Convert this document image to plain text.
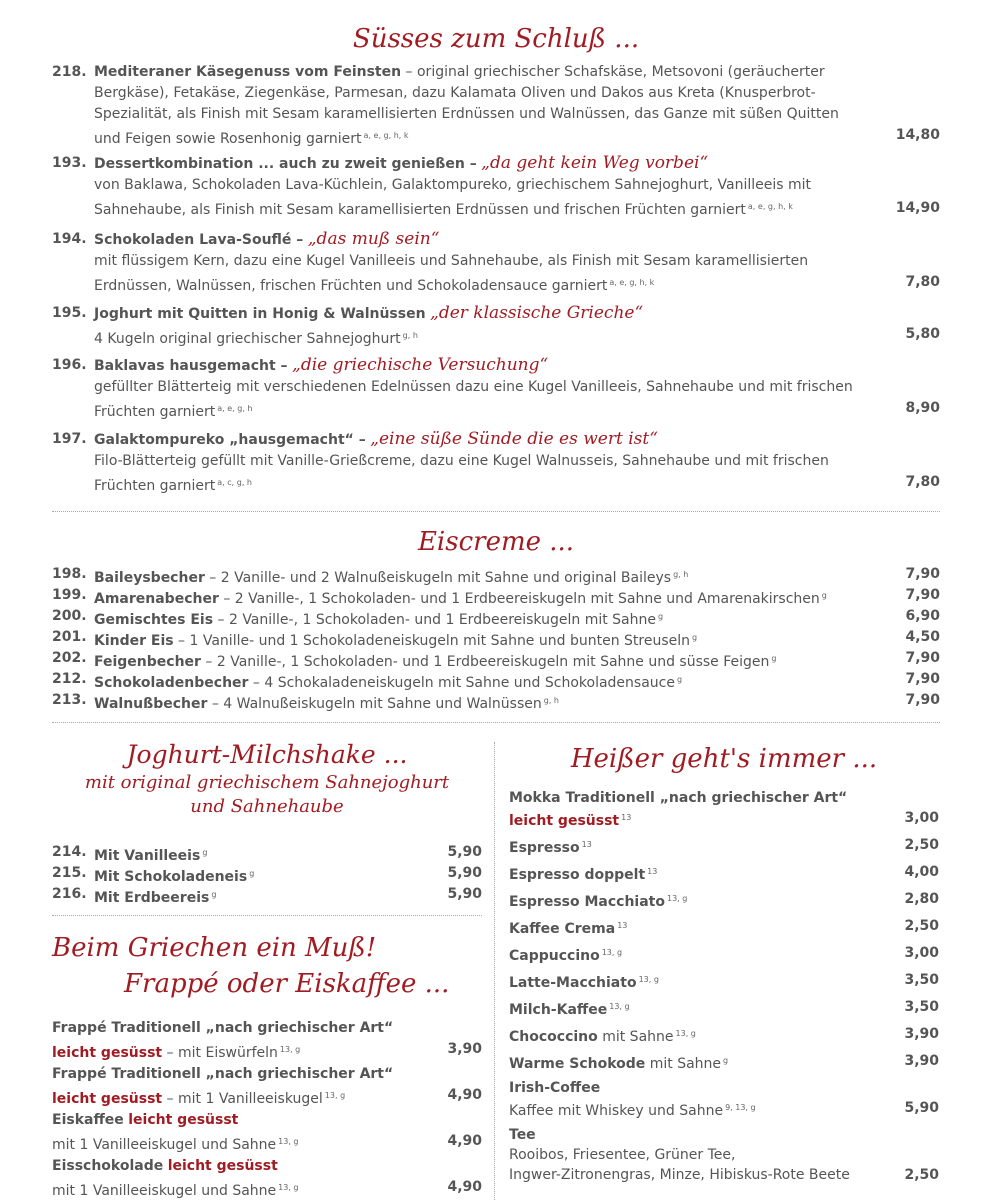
Süsses zum Schluß ...
218. Mediteraner Käsegenuss vom Feinsten – original griechischer Schafskäse, Metsovoni (geräucherter Bergkäse), Fetakäse, Ziegenkäse, Parmesan, dazu Kalamata Oliven und Dakos aus Kreta (Knusperbrot-Spezialität, als Finish mit Sesam karamellisierten Erdnüssen und Walnüssen, das Ganze mit süßen Quitten und Feigen sowie Rosenhonig garniert $^{a, e, g, h, k}$	14,80
193. Dessertkombination ... auch zu zweit genießen – „da geht kein Weg vorbei“
von Baklawa, Schokoladen Lava-Küchlein, Galaktompureko, griechischem Sahnejoghurt, Vanilleeis mit Sahnehaube, als Finish mit Sesam karamellisierten Erdnüssen und frischen Früchten garniert $^{a, e, g, h, k}$	14,90
194. Schokoladen Lava-Souflé – „das muß sein“
mit flüssigem Kern, dazu eine Kugel Vanilleeis und Sahnehaube, als Finish mit Sesam karamellisierten Erdnüssen, Walnüssen, frischen Früchten und Schokoladensauce garniert $^{a, e, g, h, k}$	7,80
195. Joghurt mit Quitten in Honig & Walnüssen „der klassische Grieche“
4 Kugeln original griechischer Sahnejoghurt $^{g, h}$	5,80
196. Baklavas hausgemacht – „die griechische Versuchung“
gefüllter Blätterteig mit verschiedenen Edelnüssen dazu eine Kugel Vanilleeis, Sahnehaube und mit frischen Früchten garniert $^{a, e, g, h}$	8,90
197. Galaktompureko „hausgemacht“ – „eine süße Sünde die es wert ist“
Filo-Blätterteig gefüllt mit Vanille-Grießcreme, dazu eine Kugel Walnusseis, Sahnehaube und mit frischen Früchten garniert $^{a, c, g, h}$	7,80
Eiscreme ...
198. Baileysbecher – 2 Vanille- und 2 Walnußeiskugeln mit Sahne und original Baileys $^{g, h}$	7,90
199. Amarenabecher – 2 Vanille-, 1 Schokoladen- und 1 Erdbeereiskugeln mit Sahne und Amarenakirschen $^g$	7,90
200. Gemischtes Eis – 2 Vanille-, 1 Schokoladen- und 1 Erdbeereiskugeln mit Sahne $^g$	6,90
201. Kinder Eis – 1 Vanille- und 1 Schokoladeneiskugeln mit Sahne und bunten Streuseln $^g$	4,50
202. Feigenbecher – 2 Vanille-, 1 Schokoladen- und 1 Erdbeereiskugeln mit Sahne und süsse Feigen $^g$	7,90
212. Schokoladenbecher – 4 Schokaladeneiskugeln mit Sahne und Schokoladensauce $^g$	7,90
213. Walnußbecher – 4 Walnußeiskugeln mit Sahne und Walnüssen $^{g, h}$	7,90
Joghurt-Milchshake ...
mit original griechischem Sahnejoghurt
und Sahnehaube
214. Mit Vanilleeis $^g$	5,90
215. Mit Schokoladeneis $^g$	5,90
216. Mit Erdbeereis $^g$	5,90
Beim Griechen ein Muß!
Frappé oder Eiskaffee ...
Frappé Traditionell „nach griechischer Art“
leicht gesüsst – mit Eiswürfeln $^{13, g}$	3,90
Frappé Traditionell „nach griechischer Art“
leicht gesüsst – mit 1 Vanilleeiskugel $^{13, g}$	4,90
Eiskaffee leicht gesüsst
mit 1 Vanilleeiskugel und Sahne $^{13, g}$	4,90
Eisschokolade leicht gesüsst
mit 1 Vanilleeiskugel und Sahne $^{13, g}$	4,90
Heißer geht's immer ...
Mokka Traditionell „nach griechischer Art“
leicht gesüsst $^{13}$	3,00
Espresso $^{13}$	2,50
Espresso doppelt $^{13}$	4,00
Espresso Macchiato $^{13, g}$	2,80
Kaffee Crema $^{13}$	2,50
Cappuccino $^{13, g}$	3,00
Latte-Macchiato $^{13, g}$	3,50
Milch-Kaffee $^{13, g}$	3,50
Chococcino mit Sahne $^{13, g}$	3,90
Warme Schokode mit Sahne $^g$	3,90
Irish-Coffee
Kaffee mit Whiskey und Sahne $^{9, 13, g}$	5,90
Tee
Rooibos, Friesentee, Grüner Tee,
Ingwer-Zitronengras, Minze, Hibiskus-Rote Beete	2,50
